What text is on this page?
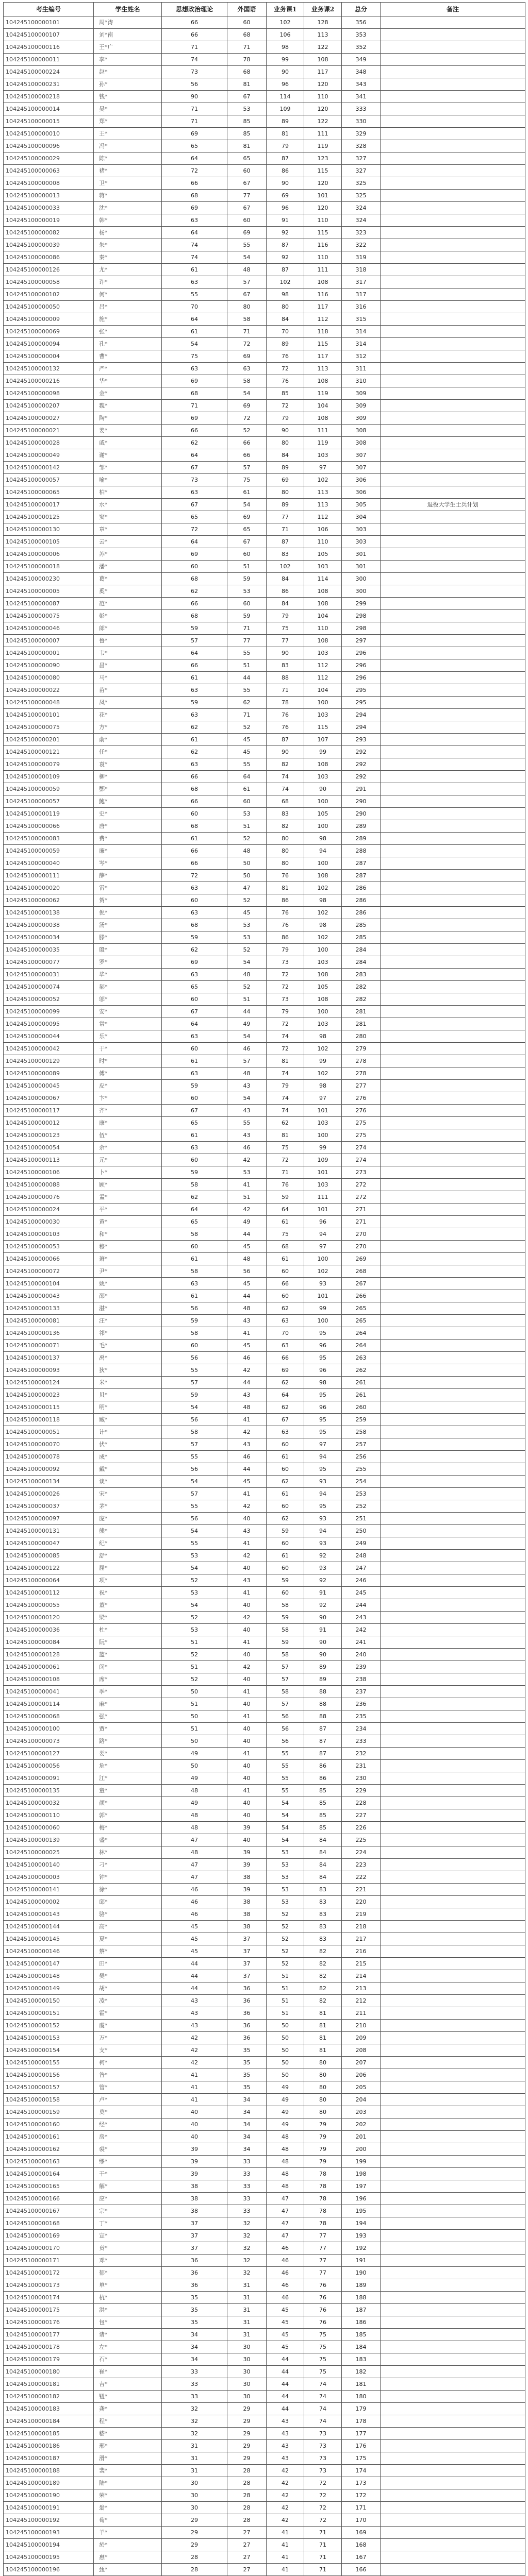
考生编号	学生姓名	思想政治理论	外国语	业务课1	业务课2	总分	备注
104245100000101	周*涛	66	60	102	128	356	
104245100000107	刘*南	66	68	106	113	353	
104245100000116	王*广	71	71	98	122	352	
104245100000011	李*	74	78	99	108	349	
104245100000224	赵*	73	68	90	117	348	
104245100000231	孙*	56	81	96	120	343	
104245100000218	钱*	90	67	114	110	341	
104245100000014	吴*	71	53	109	120	333	
104245100000015	郑*	71	85	89	122	330	
104245100000010	王*	69	85	81	111	329	
104245100000096	冯*	65	81	79	119	328	
104245100000029	陈*	64	65	87	123	327	
104245100000063	褚*	72	60	86	115	327	
104245100000008	卫*	66	67	90	120	325	
104245100000013	蒋*	68	77	69	101	325	
104245100000033	沈*	69	67	96	120	324	
104245100000019	韩*	63	60	91	110	324	
104245100000082	杨*	64	69	92	115	323	
104245100000039	朱*	74	55	87	116	322	
104245100000086	秦*	74	54	92	110	319	
104245100000126	尤*	61	48	87	111	318	
104245100000058	许*	63	57	102	108	317	
104245100000102	何*	55	67	98	116	317	
104245100000050	吕*	70	80	80	117	316	
104245100000009	施*	64	58	84	112	315	
104245100000069	张*	61	71	70	118	314	
104245100000094	孔*	54	72	89	115	314	
104245100000004	曹*	75	69	76	117	312	
104245100000132	严*	63	63	72	113	311	
104245100000216	华*	69	58	76	108	310	
104245100000098	金*	68	54	85	119	309	
104245100000207	魏*	71	69	72	104	309	
104245100000027	陶*	69	72	79	108	309	
104245100000021	姜*	66	52	90	111	308	
104245100000028	戚*	62	66	80	119	308	
104245100000049	谢*	64	66	84	103	307	
104245100000142	邹*	67	57	89	97	307	
104245100000057	喻*	73	75	69	102	306	
104245100000065	柏*	63	61	80	113	306	
104245100000017	水*	67	54	89	113	305	退役大学生士兵计划
104245100000125	窦*	65	69	77	112	304	
104245100000130	章*	72	65	71	106	303	
104245100000105	云*	64	67	87	110	303	
104245100000006	苏*	69	60	83	105	301	
104245100000018	潘*	60	51	102	103	301	
104245100000230	葛*	68	59	84	114	300	
104245100000005	奚*	62	53	86	108	300	
104245100000087	范*	66	60	84	108	299	
104245100000075	彭*	68	59	79	104	298	
104245100000046	郎*	59	71	75	110	298	
104245100000007	鲁*	57	77	77	108	297	
104245100000001	韦*	64	55	90	103	296	
104245100000090	昌*	66	51	83	112	296	
104245100000080	马*	61	44	88	112	296	
104245100000022	苗*	63	55	71	104	295	
104245100000048	凤*	59	62	78	100	295	
104245100000101	花*	63	71	76	103	294	
104245100000075	方*	62	52	76	115	294	
104245100000201	俞*	61	45	87	107	293	
104245100000121	任*	62	45	90	99	292	
104245100000079	袁*	63	55	82	108	292	
104245100000109	柳*	66	64	74	103	292	
104245100000059	酆*	68	61	74	90	291	
104245100000057	鲍*	66	60	68	100	290	
104245100000119	史*	60	53	83	105	290	
104245100000066	唐*	68	51	82	100	289	
104245100000083	费*	61	52	80	98	289	
104245100000059	廉*	66	48	80	94	288	
104245100000040	岑*	66	50	80	100	287	
104245100000111	薛*	72	50	76	108	287	
104245100000020	雷*	63	47	81	102	286	
104245100000062	贺*	60	52	86	98	286	
104245100000138	倪*	63	45	76	102	286	
104245100000038	汤*	68	53	76	98	285	
104245100000034	滕*	59	53	86	102	285	
104245100000035	殷*	62	52	79	100	284	
104245100000077	罗*	69	54	73	103	284	
104245100000031	毕*	63	48	72	108	283	
104245100000074	郝*	65	52	72	105	282	
104245100000052	邬*	60	51	73	108	282	
104245100000099	安*	67	44	79	100	281	
104245100000095	常*	64	49	72	103	281	
104245100000044	乐*	63	54	74	98	280	
104245100000042	于*	60	46	72	102	279	
104245100000129	时*	61	57	81	99	278	
104245100000089	傅*	63	48	74	102	278	
104245100000045	皮*	59	43	79	98	277	
104245100000067	卞*	60	54	74	97	276	
104245100000117	齐*	67	43	74	101	276	
104245100000012	康*	65	55	62	103	275	
104245100000123	伍*	61	43	81	100	275	
104245100000054	余*	63	46	75	99	274	
104245100000113	元*	60	42	72	109	274	
104245100000106	卜*	59	53	71	101	273	
104245100000088	顾*	58	41	76	103	272	
104245100000076	孟*	62	51	59	111	272	
104245100000024	平*	64	42	64	101	271	
104245100000030	黄*	65	49	61	96	271	
104245100000103	和*	58	44	75	94	270	
104245100000053	穆*	60	45	68	97	270	
104245100000066	萧*	61	48	61	100	269	
104245100000072	尹*	58	56	60	102	268	
104245100000104	姚*	63	45	66	93	267	
104245100000043	邵*	61	44	60	101	266	
104245100000133	湛*	56	48	62	99	265	
104245100000081	汪*	59	43	63	100	265	
104245100000136	祁*	58	41	70	95	264	
104245100000071	毛*	60	45	63	96	264	
104245100000137	禹*	56	46	66	95	263	
104245100000093	狄*	55	42	69	96	262	
104245100000124	米*	57	44	62	98	261	
104245100000023	贝*	59	43	64	95	261	
104245100000115	明*	54	48	62	96	260	
104245100000118	臧*	56	41	67	95	259	
104245100000051	计*	58	42	63	95	258	
104245100000070	伏*	57	43	60	97	257	
104245100000078	成*	55	46	61	94	256	
104245100000092	戴*	56	44	60	95	255	
104245100000134	谈*	54	45	62	93	254	
104245100000026	宋*	57	41	61	94	253	
104245100000037	茅*	55	42	60	95	252	
104245100000097	庞*	56	40	62	93	251	
104245100000131	熊*	54	43	59	94	250	
104245100000047	纪*	55	41	60	93	249	
104245100000085	舒*	53	42	61	92	248	
104245100000122	屈*	54	40	60	93	247	
104245100000064	项*	52	43	59	92	246	
104245100000112	祝*	53	41	60	91	245	
104245100000055	董*	54	40	58	92	244	
104245100000120	梁*	52	42	59	90	243	
104245100000036	杜*	53	40	58	91	242	
104245100000084	阮*	51	41	59	90	241	
104245100000128	蓝*	52	40	58	90	240	
104245100000061	闵*	51	42	57	89	239	
104245100000108	席*	52	40	57	89	238	
104245100000041	季*	50	41	58	88	237	
104245100000114	麻*	51	40	57	88	236	
104245100000068	强*	50	41	56	88	235	
104245100000100	贾*	51	40	56	87	234	
104245100000073	路*	50	40	56	87	233	
104245100000127	娄*	49	41	55	87	232	
104245100000056	危*	50	40	55	86	231	
104245100000091	江*	49	40	55	86	230	
104245100000135	童*	48	41	55	85	229	
104245100000032	颜*	49	40	54	85	228	
104245100000110	郭*	48	40	54	85	227	
104245100000060	梅*	48	39	54	85	226	
104245100000139	盛*	47	40	54	84	225	
104245100000025	林*	48	39	53	84	224	
104245100000140	刁*	47	39	53	84	223	
104245100000003	钟*	47	38	53	84	222	
104245100000141	徐*	46	39	53	83	221	
104245100000002	邱*	46	38	53	83	220	
104245100000143	骆*	46	38	52	83	219	
104245100000144	高*	45	38	52	83	218	
104245100000145	夏*	45	37	52	83	217	
104245100000146	蔡*	45	37	52	82	216	
104245100000147	田*	44	37	52	82	215	
104245100000148	樊*	44	37	51	82	214	
104245100000149	胡*	44	36	51	82	213	
104245100000150	凌*	43	36	51	82	212	
104245100000151	霍*	43	36	51	81	211	
104245100000152	虞*	43	36	50	81	210	
104245100000153	万*	42	36	50	81	209	
104245100000154	支*	42	35	50	81	208	
104245100000155	柯*	42	35	50	80	207	
104245100000156	昝*	41	35	50	80	206	
104245100000157	管*	41	35	49	80	205	
104245100000158	卢*	41	34	49	80	204	
104245100000159	莫*	40	34	49	80	203	
104245100000160	经*	40	34	49	79	202	
104245100000161	房*	40	34	48	79	201	
104245100000162	裘*	39	34	48	79	200	
104245100000163	缪*	39	33	48	79	199	
104245100000164	干*	39	33	48	78	198	
104245100000165	解*	38	33	48	78	197	
104245100000166	应*	38	33	47	78	196	
104245100000167	宗*	38	33	47	78	195	
104245100000168	丁*	37	32	47	78	194	
104245100000169	宣*	37	32	47	77	193	
104245100000170	贲*	37	32	46	77	192	
104245100000171	邓*	36	32	46	77	191	
104245100000172	郁*	36	32	46	77	190	
104245100000173	单*	36	31	46	76	189	
104245100000174	杭*	35	31	46	76	188	
104245100000175	洪*	35	31	45	76	187	
104245100000176	包*	35	31	45	76	186	
104245100000177	诸*	34	31	45	75	185	
104245100000178	左*	34	30	45	75	184	
104245100000179	石*	34	30	44	75	183	
104245100000180	崔*	33	30	44	75	182	
104245100000181	吉*	33	30	44	74	181	
104245100000182	钮*	33	30	44	74	180	
104245100000183	龚*	32	29	44	74	179	
104245100000184	程*	32	29	43	74	178	
104245100000185	嵇*	32	29	43	73	177	
104245100000186	邢*	31	29	43	73	176	
104245100000187	滑*	31	29	43	73	175	
104245100000188	裴*	31	28	42	73	174	
104245100000189	陆*	30	28	42	72	173	
104245100000190	荣*	30	28	42	72	172	
104245100000191	翁*	30	28	42	72	171	
104245100000192	荀*	29	28	42	72	170	
104245100000193	羊*	29	27	41	71	169	
104245100000194	於*	29	27	41	71	168	
104245100000195	惠*	28	27	41	71	167	
104245100000196	甄*	28	27	41	71	166	
